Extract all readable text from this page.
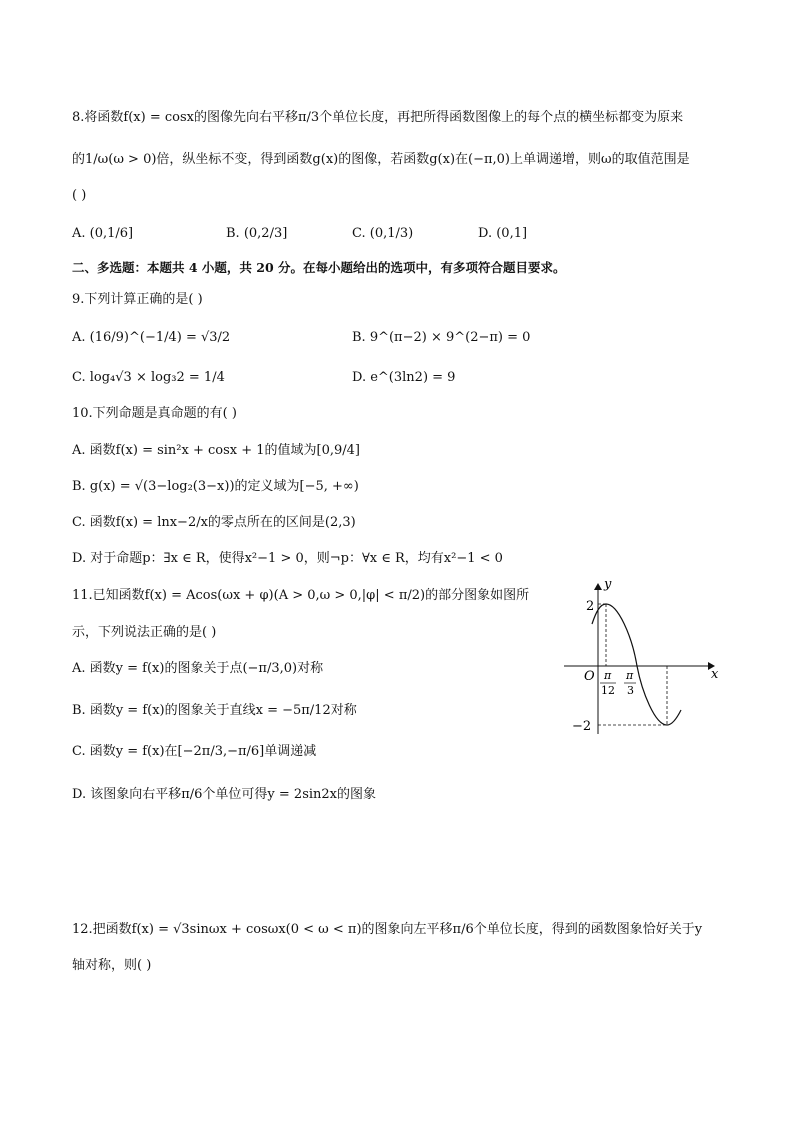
8.将函数f(x) = cosx的图像先向右平移π/3个单位长度，再把所得函数图像上的每个点的横坐标都变为原来
的1/ω(ω > 0)倍，纵坐标不变，得到函数g(x)的图像，若函数g(x)在(−π,0)上单调递增，则ω的取值范围是
( )
A. (0,1/6]	B. (0,2/3]	C. (0,1/3)	D. (0,1]
二、多选题：本题共 4 小题，共 20 分。在每小题给出的选项中，有多项符合题目要求。
9.下列计算正确的是( )
A. (16/9)^(−1/4) = √3/2	B. 9^(π−2) × 9^(2−π) = 0
C. log₄√3 × log₃2 = 1/4	D. e^(3ln2) = 9
10.下列命题是真命题的有( )
A. 函数f(x) = sin²x + cosx + 1的值域为[0,9/4]
B. g(x) = √(3−log₂(3−x))的定义域为[−5, +∞)
C. 函数f(x) = lnx−2/x的零点所在的区间是(2,3)
D. 对于命题p：∃x ∈ R，使得x²−1 > 0，则¬p：∀x ∈ R，均有x²−1 < 0
11.已知函数f(x) = Acos(ωx + φ)(A > 0,ω > 0,|φ| < π/2)的部分图象如图所
示，下列说法正确的是( )
A. 函数y = f(x)的图象关于点(−π/3,0)对称
B. 函数y = f(x)的图象关于直线x = −5π/12对称
C. 函数y = f(x)在[−2π/3,−π/6]单调递减
D. 该图象向右平移π/6个单位可得y = 2sin2x的图象
y
x
O
2
−2
π
12
π
3
12.把函数f(x) = √3sinωx + cosωx(0 < ω < π)的图象向左平移π/6个单位长度，得到的函数图象恰好关于y
轴对称，则( )
